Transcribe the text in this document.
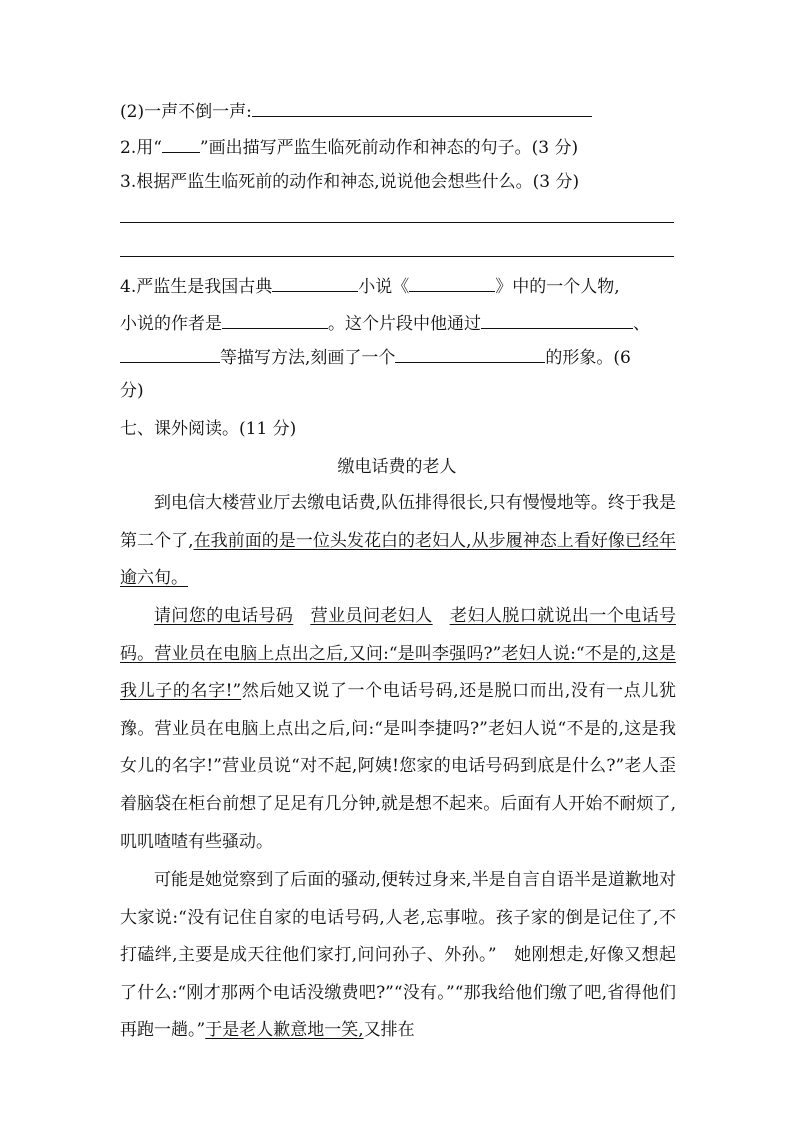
(2)一声不倒一声:
2.用“ ”画出描写严监生临死前动作和神态的句子。(3 分)
3.根据严监生临死前的动作和神态,说说他会想些什么。(3 分)
4.严监生是我国古典	小说《	》中的一个人物,
小说的作者是	。这个片段中他通过	、
等描写方法,刻画了一个	的形象。(6
分)
七、课外阅读。(11 分)
缴电话费的老人
到电信大楼营业厅去缴电话费,队伍排得很长,只有慢慢地等。终于我是第二个了,在我前面的是一位头发花白的老妇人,从步履神态上看好像已经年逾六旬。
请问您的电话号码 营业员问老妇人 老妇人脱口就说出一个电话号码。营业员在电脑上点出之后,又问:“是叫李强吗?”老妇人说:“不是的,这是我儿子的名字!”然后她又说了一个电话号码,还是脱口而出,没有一点儿犹豫。营业员在电脑上点出之后,问:“是叫李捷吗?”老妇人说“不是的,这是我女儿的名字!”营业员说“对不起,阿姨!您家的电话号码到底是什么?”老人歪着脑袋在柜台前想了足足有几分钟,就是想不起来。后面有人开始不耐烦了,叽叽喳喳有些骚动。
可能是她觉察到了后面的骚动,便转过身来,半是自言自语半是道歉地对大家说:“没有记住自家的电话号码,人老,忘事啦。孩子家的倒是记住了,不打磕绊,主要是成天往他们家打,问问孙子、外孙。”　她刚想走,好像又想起了什么:“刚才那两个电话没缴费吧?”“没有。”“那我给他们缴了吧,省得他们再跑一趟。”于是老人歉意地一笑,又排在
